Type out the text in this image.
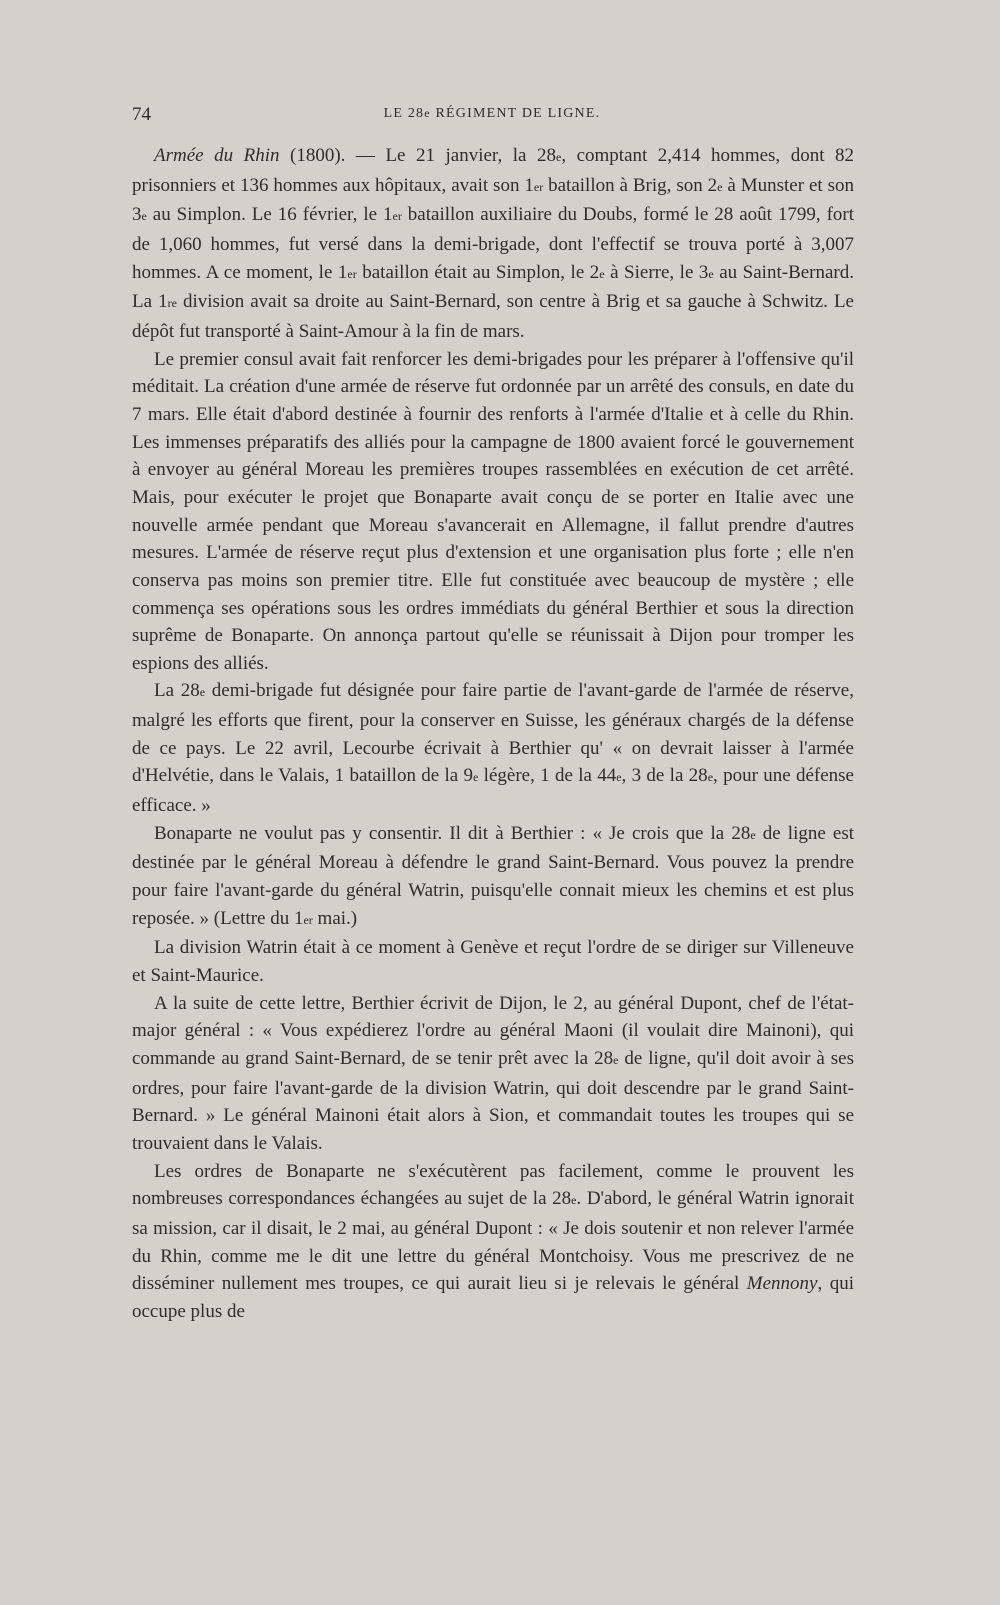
74	LE 28e RÉGIMENT DE LIGNE.

Armée du Rhin (1800). — Le 21 janvier, la 28e, comptant 2,414 hommes, dont 82 prisonniers et 136 hommes aux hôpitaux, avait son 1er bataillon à Brig, son 2e à Munster et son 3e au Simplon. Le 16 février, le 1er bataillon auxiliaire du Doubs, formé le 28 août 1799, fort de 1,060 hommes, fut versé dans la demi-brigade, dont l'effectif se trouva porté à 3,007 hommes. A ce moment, le 1er bataillon était au Simplon, le 2e à Sierre, le 3e au Saint-Bernard. La 1re division avait sa droite au Saint-Bernard, son centre à Brig et sa gauche à Schwitz. Le dépôt fut transporté à Saint-Amour à la fin de mars.

Le premier consul avait fait renforcer les demi-brigades pour les préparer à l'offensive qu'il méditait. La création d'une armée de réserve fut ordonnée par un arrêté des consuls, en date du 7 mars. Elle était d'abord destinée à fournir des renforts à l'armée d'Italie et à celle du Rhin. Les immenses préparatifs des alliés pour la campagne de 1800 avaient forcé le gouvernement à envoyer au général Moreau les premières troupes rassemblées en exécution de cet arrêté. Mais, pour exécuter le projet que Bonaparte avait conçu de se porter en Italie avec une nouvelle armée pendant que Moreau s'avancerait en Allemagne, il fallut prendre d'autres mesures. L'armée de réserve reçut plus d'extension et une organisation plus forte ; elle n'en conserva pas moins son premier titre. Elle fut constituée avec beaucoup de mystère ; elle commença ses opérations sous les ordres immédiats du général Berthier et sous la direction suprême de Bonaparte. On annonça partout qu'elle se réunissait à Dijon pour tromper les espions des alliés.

La 28e demi-brigade fut désignée pour faire partie de l'avant-garde de l'armée de réserve, malgré les efforts que firent, pour la conserver en Suisse, les généraux chargés de la défense de ce pays. Le 22 avril, Lecourbe écrivait à Berthier qu' « on devrait laisser à l'armée d'Helvétie, dans le Valais, 1 bataillon de la 9e légère, 1 de la 44e, 3 de la 28e, pour une défense efficace. »

Bonaparte ne voulut pas y consentir. Il dit à Berthier : « Je crois que la 28e de ligne est destinée par le général Moreau à défendre le grand Saint-Bernard. Vous pouvez la prendre pour faire l'avant-garde du général Watrin, puisqu'elle connait mieux les chemins et est plus reposée. » (Lettre du 1er mai.)

La division Watrin était à ce moment à Genève et reçut l'ordre de se diriger sur Villeneuve et Saint-Maurice.

A la suite de cette lettre, Berthier écrivit de Dijon, le 2, au général Dupont, chef de l'état-major général : « Vous expédierez l'ordre au général Maoni (il voulait dire Mainoni), qui commande au grand Saint-Bernard, de se tenir prêt avec la 28e de ligne, qu'il doit avoir à ses ordres, pour faire l'avant-garde de la division Watrin, qui doit descendre par le grand Saint-Bernard. » Le général Mainoni était alors à Sion, et commandait toutes les troupes qui se trouvaient dans le Valais.

Les ordres de Bonaparte ne s'exécutèrent pas facilement, comme le prouvent les nombreuses correspondances échangées au sujet de la 28e. D'abord, le général Watrin ignorait sa mission, car il disait, le 2 mai, au général Dupont : « Je dois soutenir et non relever l'armée du Rhin, comme me le dit une lettre du général Montchoisy. Vous me prescrivez de ne disséminer nullement mes troupes, ce qui aurait lieu si je relevais le général Mennony, qui occupe plus de
